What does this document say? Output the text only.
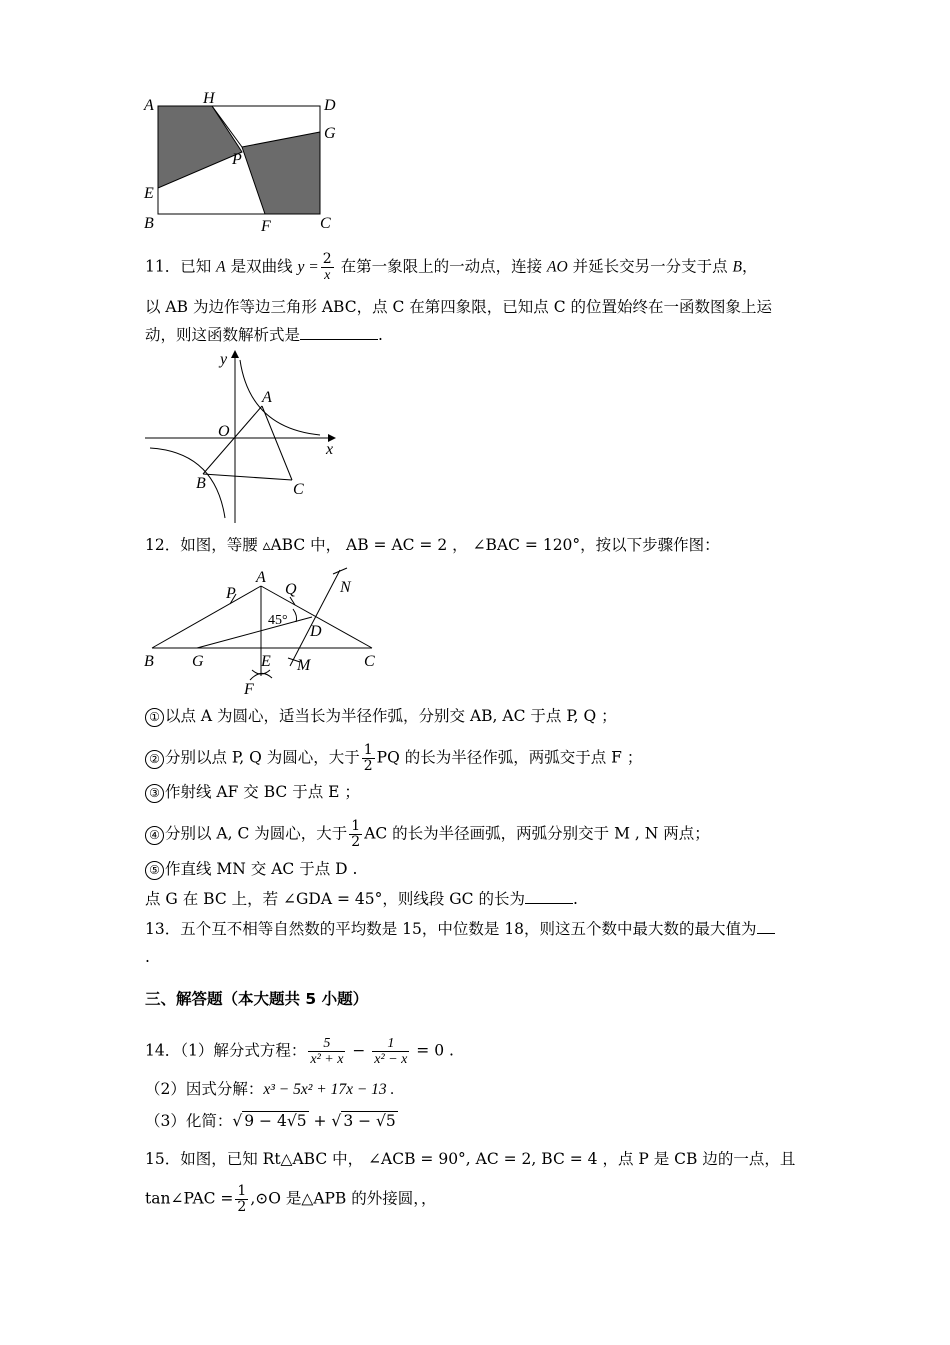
A	H	D
G
P
E
B	F	C
11．已知 A 是双曲线 $y = \frac{2}{x}$ 在第一象限上的一动点，连接 AO 并延长交另一分支于点 B，
以 AB 为边作等边三角形 ABC，点 C 在第四象限，已知点 C 的位置始终在一函数图象上运
动，则这函数解析式是	.
y
x
O
A
B	C
12．如图，等腰 ▵ABC 中， AB = AC = 2 ， ∠BAC = 120°，按以下步骤作图：
A
P	Q	N
45°
D
B G	E M	C
F
① 以点 A 为圆心，适当长为半径作弧，分别交 AB, AC 于点 P, Q ；
② 分别以点 P, Q 为圆心，大于 $\frac{1}{2}$ PQ 的长为半径作弧，两弧交于点 F ；
③ 作射线 AF 交 BC 于点 E ；
④ 分别以 A, C 为圆心，大于 $\frac{1}{2}$ AC 的长为半径画弧，两弧分别交于 M , N 两点；
⑤ 作直线 MN 交 AC 于点 D .
点 G 在 BC 上，若 ∠GDA = 45°，则线段 GC 的长为	.
13．五个互不相等自然数的平均数是 15，中位数是 18，则这五个数中最大数的最大值为
.
三、解答题（本大题共 5 小题）
14．（1）解分式方程： $\frac{5}{\text{x² + x}} - \frac{1}{\text{x² − x}} = 0$ .
（2）因式分解：x³ − 5x² + 17x − 13 .
（3）化简：√ 9 − 4√5 + √ 3 − √5
15．如图，已知 Rt△ABC 中， ∠ACB = 90°, AC = 2, BC = 4 ，点 P 是 CB 边的一点，且
tan∠PAC = $\frac{1}{2}$ ,⊙O 是△APB 的外接圆，，
